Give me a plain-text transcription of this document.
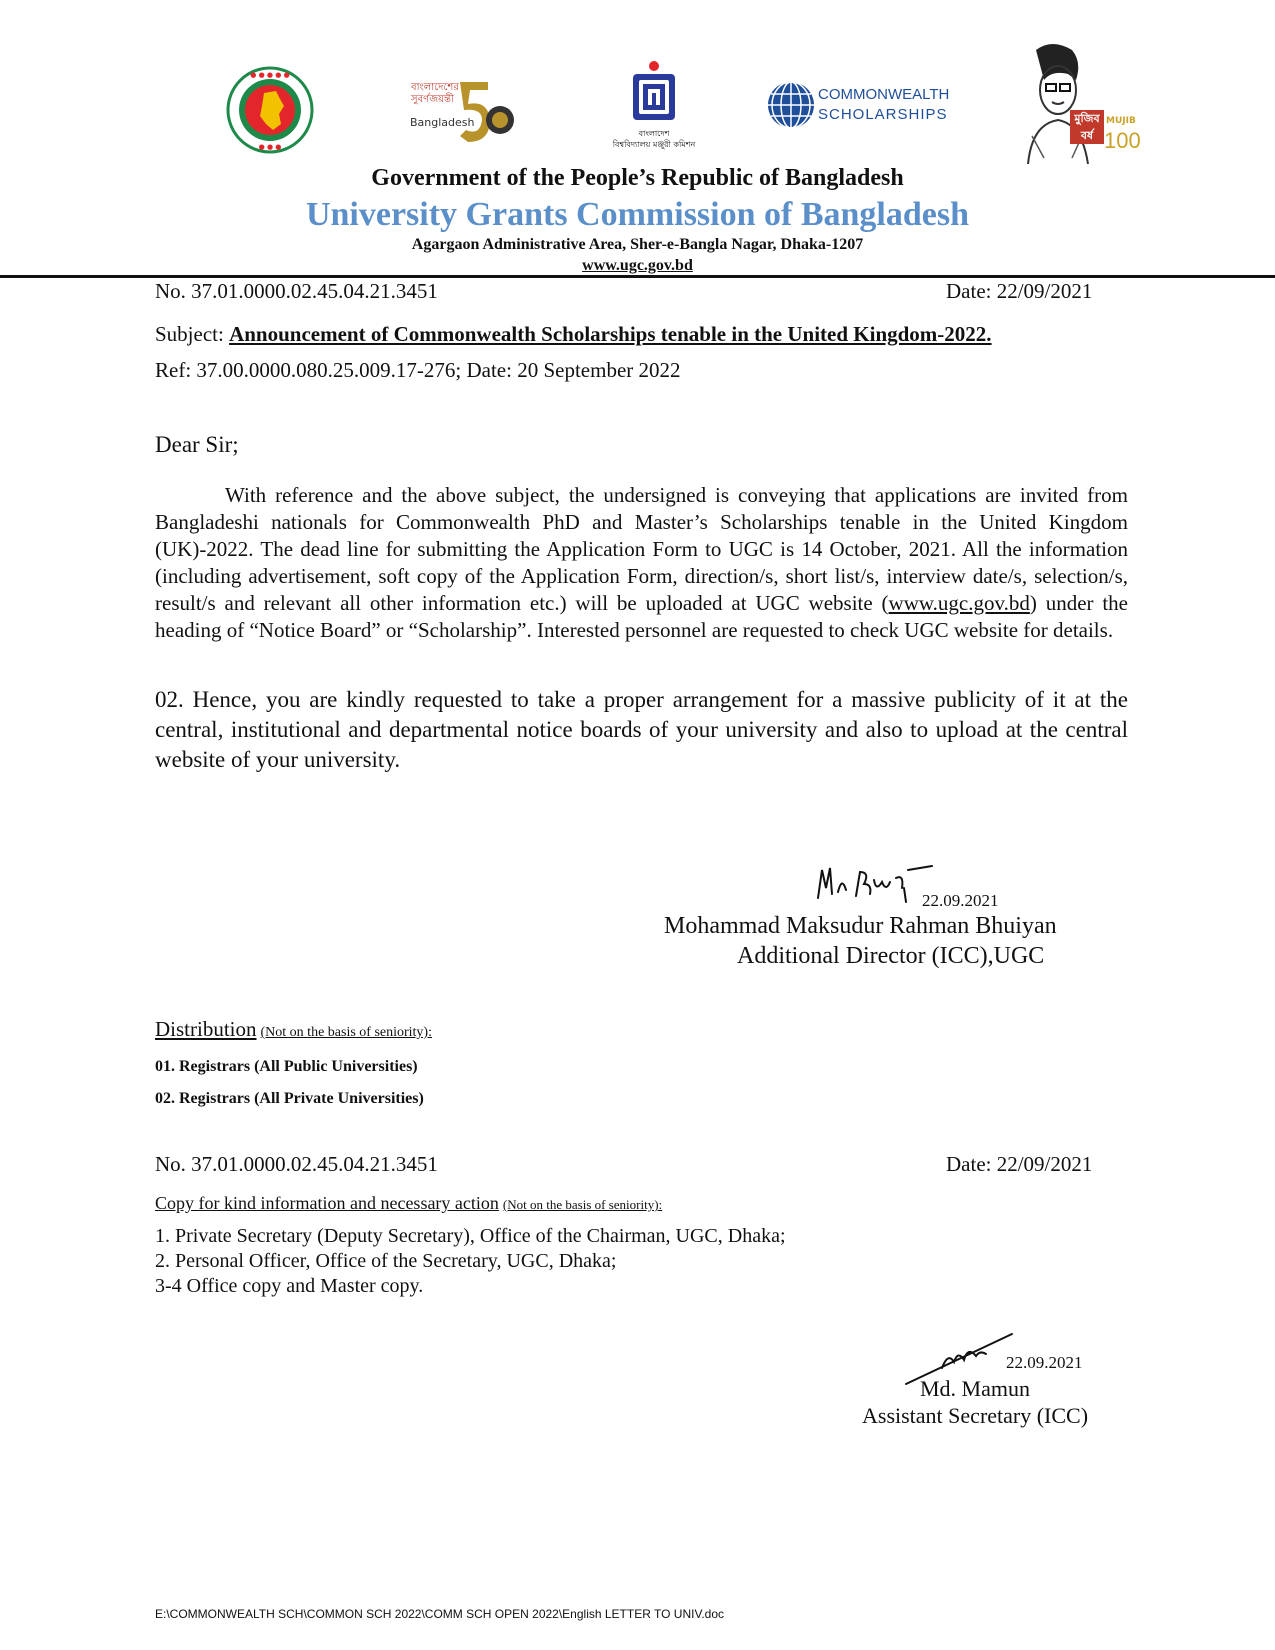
● ● ● ● ●
● ● ●
বাংলাদেশের সুবর্ণজয়ন্তী
Bangladesh
বাংলাদেশ
বিশ্ববিদ্যালয় মঞ্জুরী কমিশন
COMMONWEALTH
SCHOLARSHIPS	মুজিব বর্ষ
MUJIB
100
Government of the People’s Republic of Bangladesh
University Grants Commission of Bangladesh
Agargaon Administrative Area, Sher-e-Bangla Nagar, Dhaka-1207
www.ugc.gov.bd
No. 37.01.0000.02.45.04.21.3451	Date: 22/09/2021
Subject: Announcement of Commonwealth Scholarships tenable in the United Kingdom-2022.
Ref: 37.00.0000.080.25.009.17-276; Date: 20 September 2022
Dear Sir;
With reference and the above subject, the undersigned is conveying that applications are invited from Bangladeshi nationals for Commonwealth PhD and Master’s Scholarships tenable in the United Kingdom (UK)-2022. The dead line for submitting the Application Form to UGC is 14 October, 2021. All the information (including advertisement, soft copy of the Application Form, direction/s, short list/s, interview date/s, selection/s, result/s and relevant all other information etc.) will be uploaded at UGC website (www.ugc.gov.bd) under the heading of “Notice Board” or “Scholarship”. Interested personnel are requested to check UGC website for details.
02. Hence, you are kindly requested to take a proper arrangement for a massive publicity of it at the central, institutional and departmental notice boards of your university and also to upload at the central website of your university.
22.09.2021
Mohammad Maksudur Rahman Bhuiyan
Additional Director (ICC),UGC
Distribution (Not on the basis of seniority):
01. Registrars (All Public Universities)
02. Registrars (All Private Universities)
No. 37.01.0000.02.45.04.21.3451	Date: 22/09/2021
Copy for kind information and necessary action (Not on the basis of seniority):
1. Private Secretary (Deputy Secretary), Office of the Chairman, UGC, Dhaka;
2. Personal Officer, Office of the Secretary, UGC, Dhaka;
3-4 Office copy and Master copy.
22.09.2021
Md. Mamun
Assistant Secretary (ICC)
E:\COMMONWEALTH SCH\COMMON SCH 2022\COMM SCH OPEN 2022\English LETTER TO UNIV.doc
